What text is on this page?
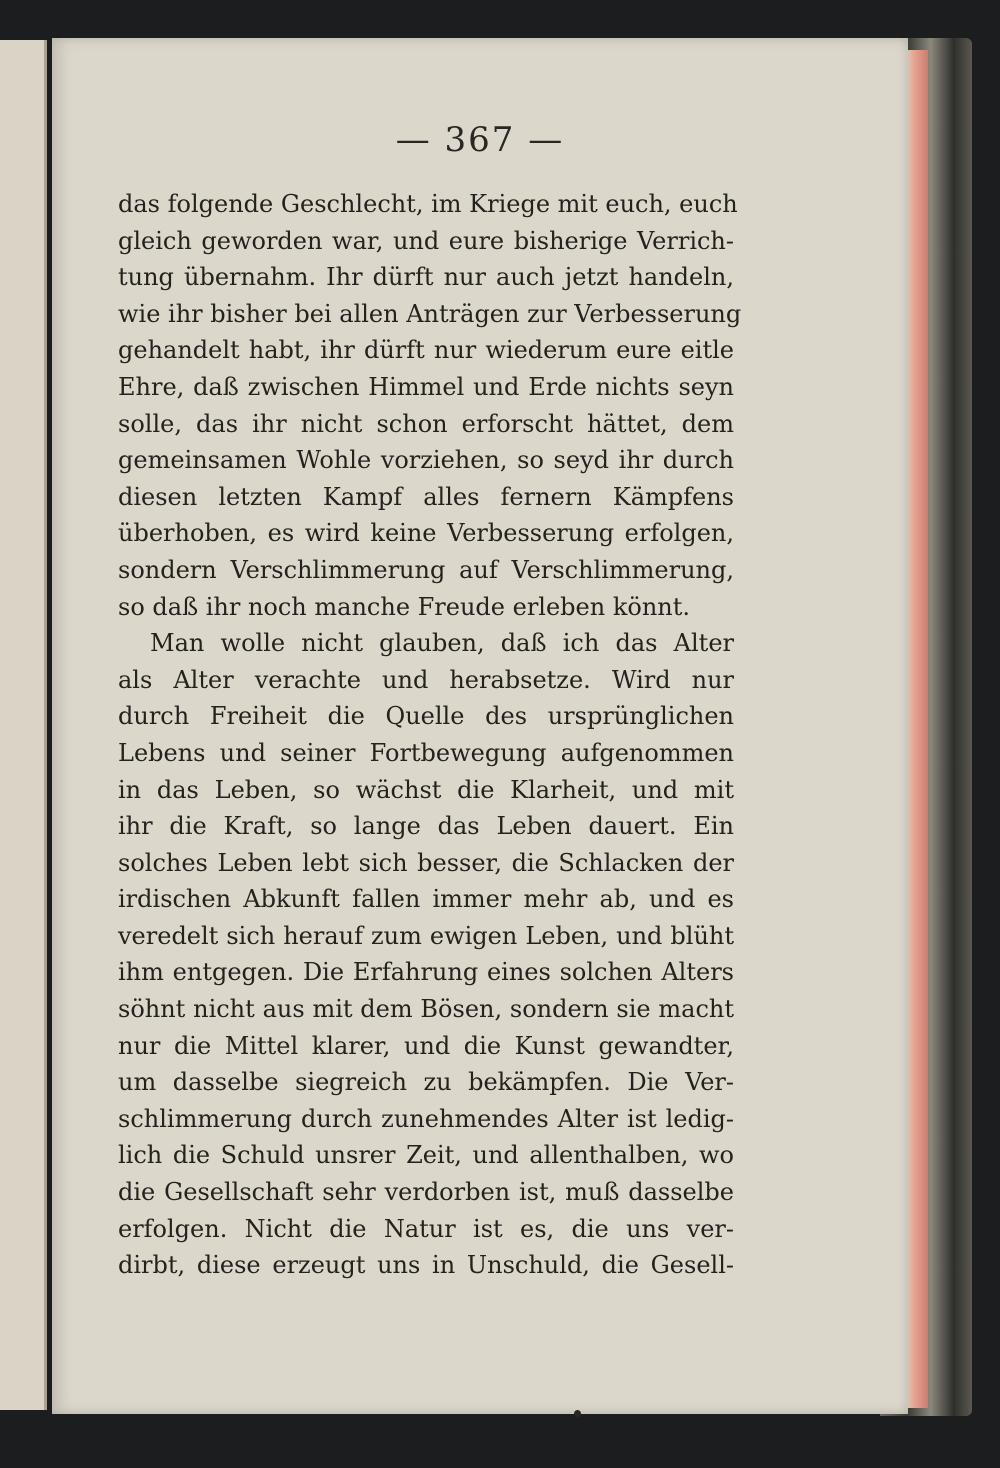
— 367 —
das folgende Geschlecht, im Kriege mit euch, euch
gleich geworden war, und eure bisherige Verrich-
tung übernahm. Ihr dürft nur auch jetzt handeln,
wie ihr bisher bei allen Anträgen zur Verbesserung
gehandelt habt, ihr dürft nur wiederum eure eitle
Ehre, daß zwischen Himmel und Erde nichts seyn
solle, das ihr nicht schon erforscht hättet, dem
gemeinsamen Wohle vorziehen, so seyd ihr durch
diesen letzten Kampf alles fernern Kämpfens
überhoben, es wird keine Verbesserung erfolgen,
sondern Verschlimmerung auf Verschlimmerung,
so daß ihr noch manche Freude erleben könnt.
Man wolle nicht glauben, daß ich das Alter
als Alter verachte und herabsetze. Wird nur
durch Freiheit die Quelle des ursprünglichen
Lebens und seiner Fortbewegung aufgenommen
in das Leben, so wächst die Klarheit, und mit
ihr die Kraft, so lange das Leben dauert. Ein
solches Leben lebt sich besser, die Schlacken der
irdischen Abkunft fallen immer mehr ab, und es
veredelt sich herauf zum ewigen Leben, und blüht
ihm entgegen. Die Erfahrung eines solchen Alters
söhnt nicht aus mit dem Bösen, sondern sie macht
nur die Mittel klarer, und die Kunst gewandter,
um dasselbe siegreich zu bekämpfen. Die Ver-
schlimmerung durch zunehmendes Alter ist ledig-
lich die Schuld unsrer Zeit, und allenthalben, wo
die Gesellschaft sehr verdorben ist, muß dasselbe
erfolgen. Nicht die Natur ist es, die uns ver-
dirbt, diese erzeugt uns in Unschuld, die Gesell-
